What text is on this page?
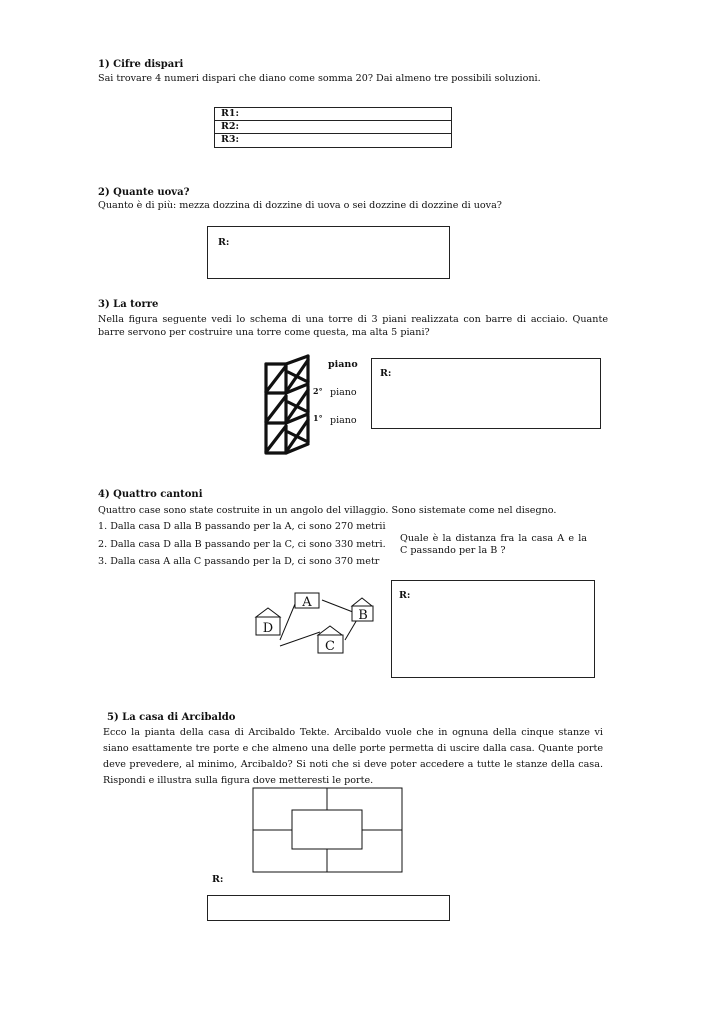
1) Cifre dispari
Sai trovare 4 numeri dispari che diano come somma 20? Dai almeno tre possibili soluzioni.
R1:
R2:
R3:
2) Quante uova?
Quanto è di più: mezza dozzina di dozzine di uova o sei dozzine di dozzine di uova?
R:
3) La torre
Nella figura seguente vedi lo schema di una torre di 3 piani realizzata con barre di acciaio. Quante barre servono per costruire una torre come questa, ma alta 5 piani?
piano
2° piano
1° piano
R:
4) Quattro cantoni
Quattro case sono state costruite in un angolo del villaggio. Sono sistemate come nel disegno.
1. Dalla casa D alla B passando per la A, ci sono 270 metrii
2. Dalla casa D alla B passando per la C, ci sono 330 metri.
3. Dalla casa A alla C passando per la D, ci sono 370 metr
Quale è la distanza fra la casa A e la C passando per la B ?
A
B
C
D
R:
5) La casa di Arcibaldo
Ecco la pianta della casa di Arcibaldo Tekte. Arcibaldo vuole che in ognuna della cinque stanze vi siano esattamente tre porte e che almeno una delle porte permetta di uscire dalla casa. Quante porte deve prevedere, al minimo, Arcibaldo? Si noti che si deve poter accedere a tutte le stanze della casa. Rispondi e illustra sulla figura dove metteresti le porte.
R:
